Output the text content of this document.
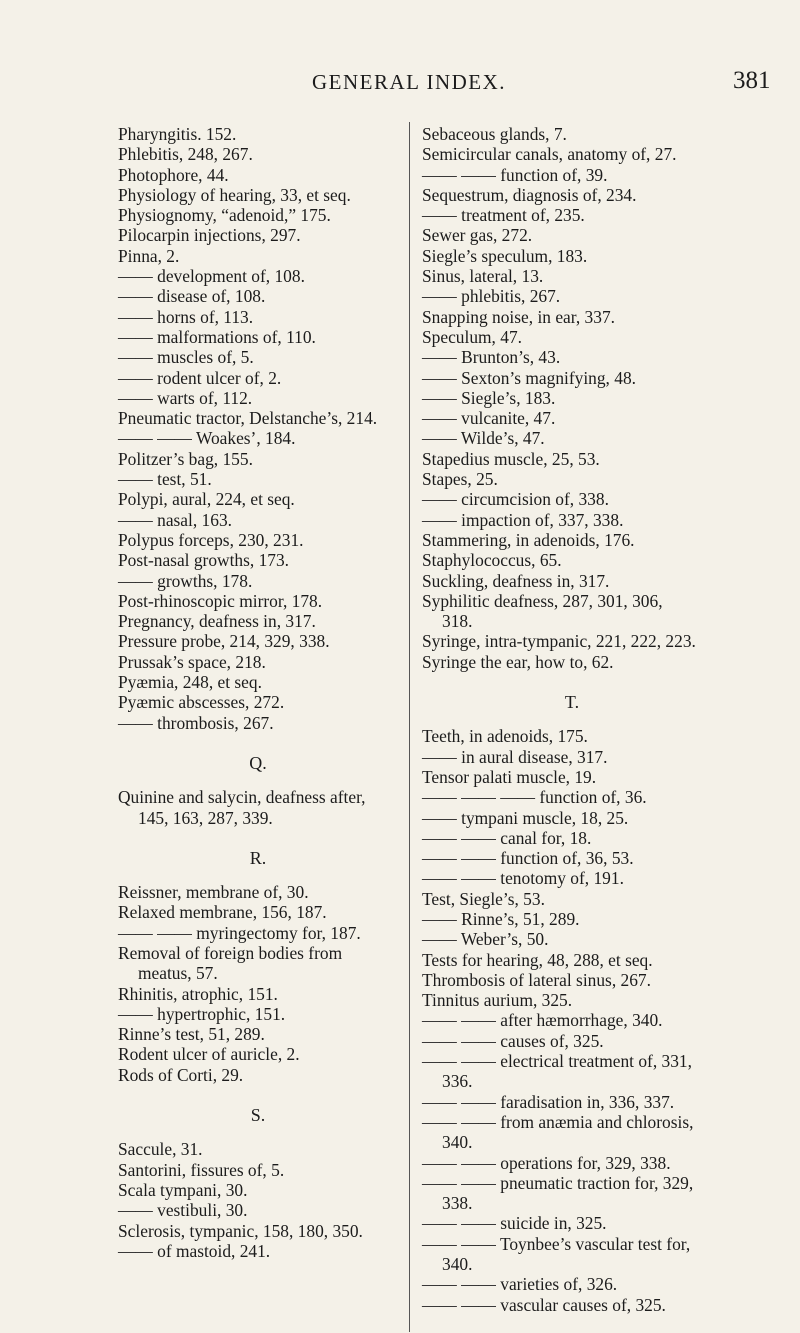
GENERAL INDEX.	381
Pharyngitis. 152.
Phlebitis, 248, 267.
Photophore, 44.
Physiology of hearing, 33, et seq.
Physiognomy, “adenoid,” 175.
Pilocarpin injections, 297.
Pinna, 2.
—— development of, 108.
—— disease of, 108.
—— horns of, 113.
—— malformations of, 110.
—— muscles of, 5.
—— rodent ulcer of, 2.
—— warts of, 112.
Pneumatic tractor, Delstanche’s, 214.
—— —— Woakes’, 184.
Politzer’s bag, 155.
—— test, 51.
Polypi, aural, 224, et seq.
—— nasal, 163.
Polypus forceps, 230, 231.
Post-nasal growths, 173.
—— growths, 178.
Post-rhinoscopic mirror, 178.
Pregnancy, deafness in, 317.
Pressure probe, 214, 329, 338.
Prussak’s space, 218.
Pyæmia, 248, et seq.
Pyæmic abscesses, 272.
—— thrombosis, 267.
Q.
Quinine and salycin, deafness after,
145, 163, 287, 339.
R.
Reissner, membrane of, 30.
Relaxed membrane, 156, 187.
—— —— myringectomy for, 187.
Removal of foreign bodies from
meatus, 57.
Rhinitis, atrophic, 151.
—— hypertrophic, 151.
Rinne’s test, 51, 289.
Rodent ulcer of auricle, 2.
Rods of Corti, 29.
S.
Saccule, 31.
Santorini, fissures of, 5.
Scala tympani, 30.
—— vestibuli, 30.
Sclerosis, tympanic, 158, 180, 350.
—— of mastoid, 241.
Sebaceous glands, 7.
Semicircular canals, anatomy of, 27.
—— —— function of, 39.
Sequestrum, diagnosis of, 234.
—— treatment of, 235.
Sewer gas, 272.
Siegle’s speculum, 183.
Sinus, lateral, 13.
—— phlebitis, 267.
Snapping noise, in ear, 337.
Speculum, 47.
—— Brunton’s, 43.
—— Sexton’s magnifying, 48.
—— Siegle’s, 183.
—— vulcanite, 47.
—— Wilde’s, 47.
Stapedius muscle, 25, 53.
Stapes, 25.
—— circumcision of, 338.
—— impaction of, 337, 338.
Stammering, in adenoids, 176.
Staphylococcus, 65.
Suckling, deafness in, 317.
Syphilitic deafness, 287, 301, 306,
318.
Syringe, intra-tympanic, 221, 222, 223.
Syringe the ear, how to, 62.
T.
Teeth, in adenoids, 175.
—— in aural disease, 317.
Tensor palati muscle, 19.
—— —— —— function of, 36.
—— tympani muscle, 18, 25.
—— —— canal for, 18.
—— —— function of, 36, 53.
—— —— tenotomy of, 191.
Test, Siegle’s, 53.
—— Rinne’s, 51, 289.
—— Weber’s, 50.
Tests for hearing, 48, 288, et seq.
Thrombosis of lateral sinus, 267.
Tinnitus aurium, 325.
—— —— after hæmorrhage, 340.
—— —— causes of, 325.
—— —— electrical treatment of, 331,
336.
—— —— faradisation in, 336, 337.
—— —— from anæmia and chlorosis,
340.
—— —— operations for, 329, 338.
—— —— pneumatic traction for, 329,
338.
—— —— suicide in, 325.
—— —— Toynbee’s vascular test for,
340.
—— —— varieties of, 326.
—— —— vascular causes of, 325.
